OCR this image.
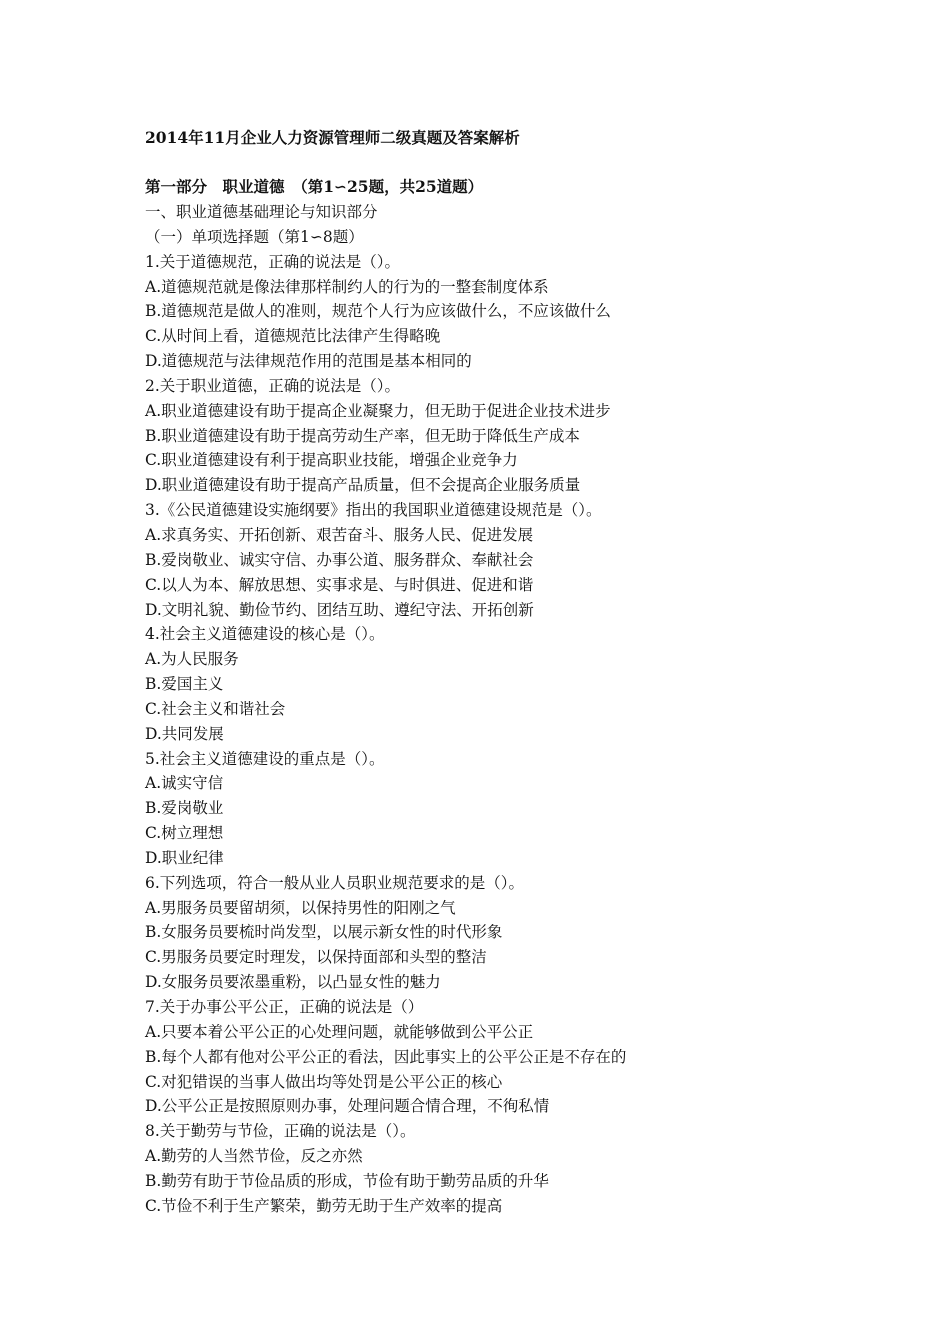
2014年11月企业人力资源管理师二级真题及答案解析
第一部分　职业道德　（第1∽25题，共25道题）
一、职业道德基础理论与知识部分
（一）单项选择题（第1∽8题）
1.关于道德规范，正确的说法是（）。
A.道德规范就是像法律那样制约人的行为的一整套制度体系
B.道德规范是做人的准则，规范个人行为应该做什么，不应该做什么
C.从时间上看，道德规范比法律产生得略晚
D.道德规范与法律规范作用的范围是基本相同的
2.关于职业道德，正确的说法是（）。
A.职业道德建设有助于提高企业凝聚力，但无助于促进企业技术进步
B.职业道德建设有助于提高劳动生产率，但无助于降低生产成本
C.职业道德建设有利于提高职业技能，增强企业竞争力
D.职业道德建设有助于提高产品质量，但不会提高企业服务质量
3.《公民道德建设实施纲要》指出的我国职业道德建设规范是（）。
A.求真务实、开拓创新、艰苦奋斗、服务人民、促进发展
B.爱岗敬业、诚实守信、办事公道、服务群众、奉献社会
C.以人为本、解放思想、实事求是、与时俱进、促进和谐
D.文明礼貌、勤俭节约、团结互助、遵纪守法、开拓创新
4.社会主义道德建设的核心是（）。
A.为人民服务
B.爱国主义
C.社会主义和谐社会
D.共同发展
5.社会主义道德建设的重点是（）。
A.诚实守信
B.爱岗敬业
C.树立理想
D.职业纪律
6.下列选项，符合一般从业人员职业规范要求的是（）。
A.男服务员要留胡须，以保持男性的阳刚之气
B.女服务员要梳时尚发型，以展示新女性的时代形象
C.男服务员要定时理发，以保持面部和头型的整洁
D.女服务员要浓墨重粉，以凸显女性的魅力
7.关于办事公平公正，正确的说法是（）
A.只要本着公平公正的心处理问题，就能够做到公平公正
B.每个人都有他对公平公正的看法，因此事实上的公平公正是不存在的
C.对犯错误的当事人做出均等处罚是公平公正的核心
D.公平公正是按照原则办事，处理问题合情合理，不徇私情
8.关于勤劳与节俭，正确的说法是（）。
A.勤劳的人当然节俭，反之亦然
B.勤劳有助于节俭品质的形成，节俭有助于勤劳品质的升华
C.节俭不利于生产繁荣，勤劳无助于生产效率的提高
